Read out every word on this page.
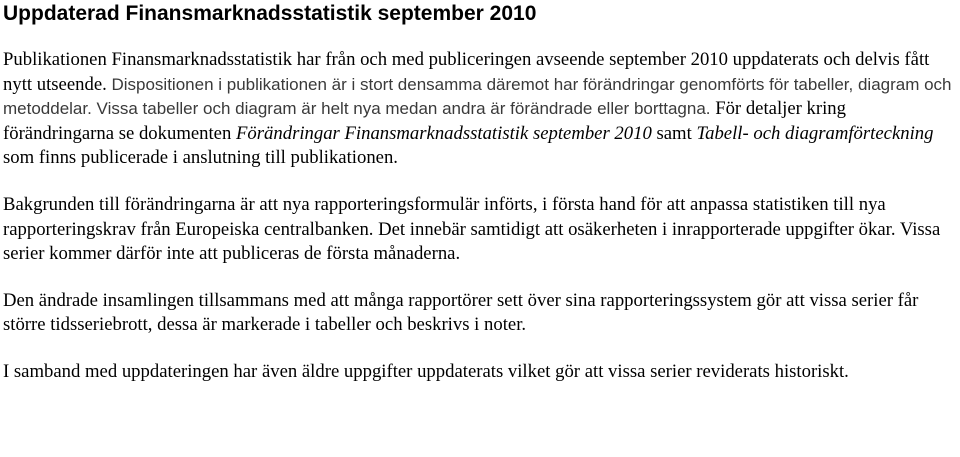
Uppdaterad Finansmarknadsstatistik september 2010

Publikationen Finansmarknadsstatistik har från och med publiceringen avseende september 2010 uppdaterats och delvis fått nytt utseende. Dispositionen i publikationen är i stort densamma däremot har förändringar genomförts för tabeller, diagram och metoddelar. Vissa tabeller och diagram är helt nya medan andra är förändrade eller borttagna. För detaljer kring förändringarna se dokumenten Förändringar Finansmarknadsstatistik september 2010 samt Tabell- och diagramförteckning som finns publicerade i anslutning till publikationen.

Bakgrunden till förändringarna är att nya rapporteringsformulär införts, i första hand för att anpassa statistiken till nya rapporteringskrav från Europeiska centralbanken. Det innebär samtidigt att osäkerheten i inrapporterade uppgifter ökar. Vissa serier kommer därför inte att publiceras de första månaderna.

Den ändrade insamlingen tillsammans med att många rapportörer sett över sina rapporteringssystem gör att vissa serier får större tidsseriebrott, dessa är markerade i tabeller och beskrivs i noter.

I samband med uppdateringen har även äldre uppgifter uppdaterats vilket gör att vissa serier reviderats historiskt.
